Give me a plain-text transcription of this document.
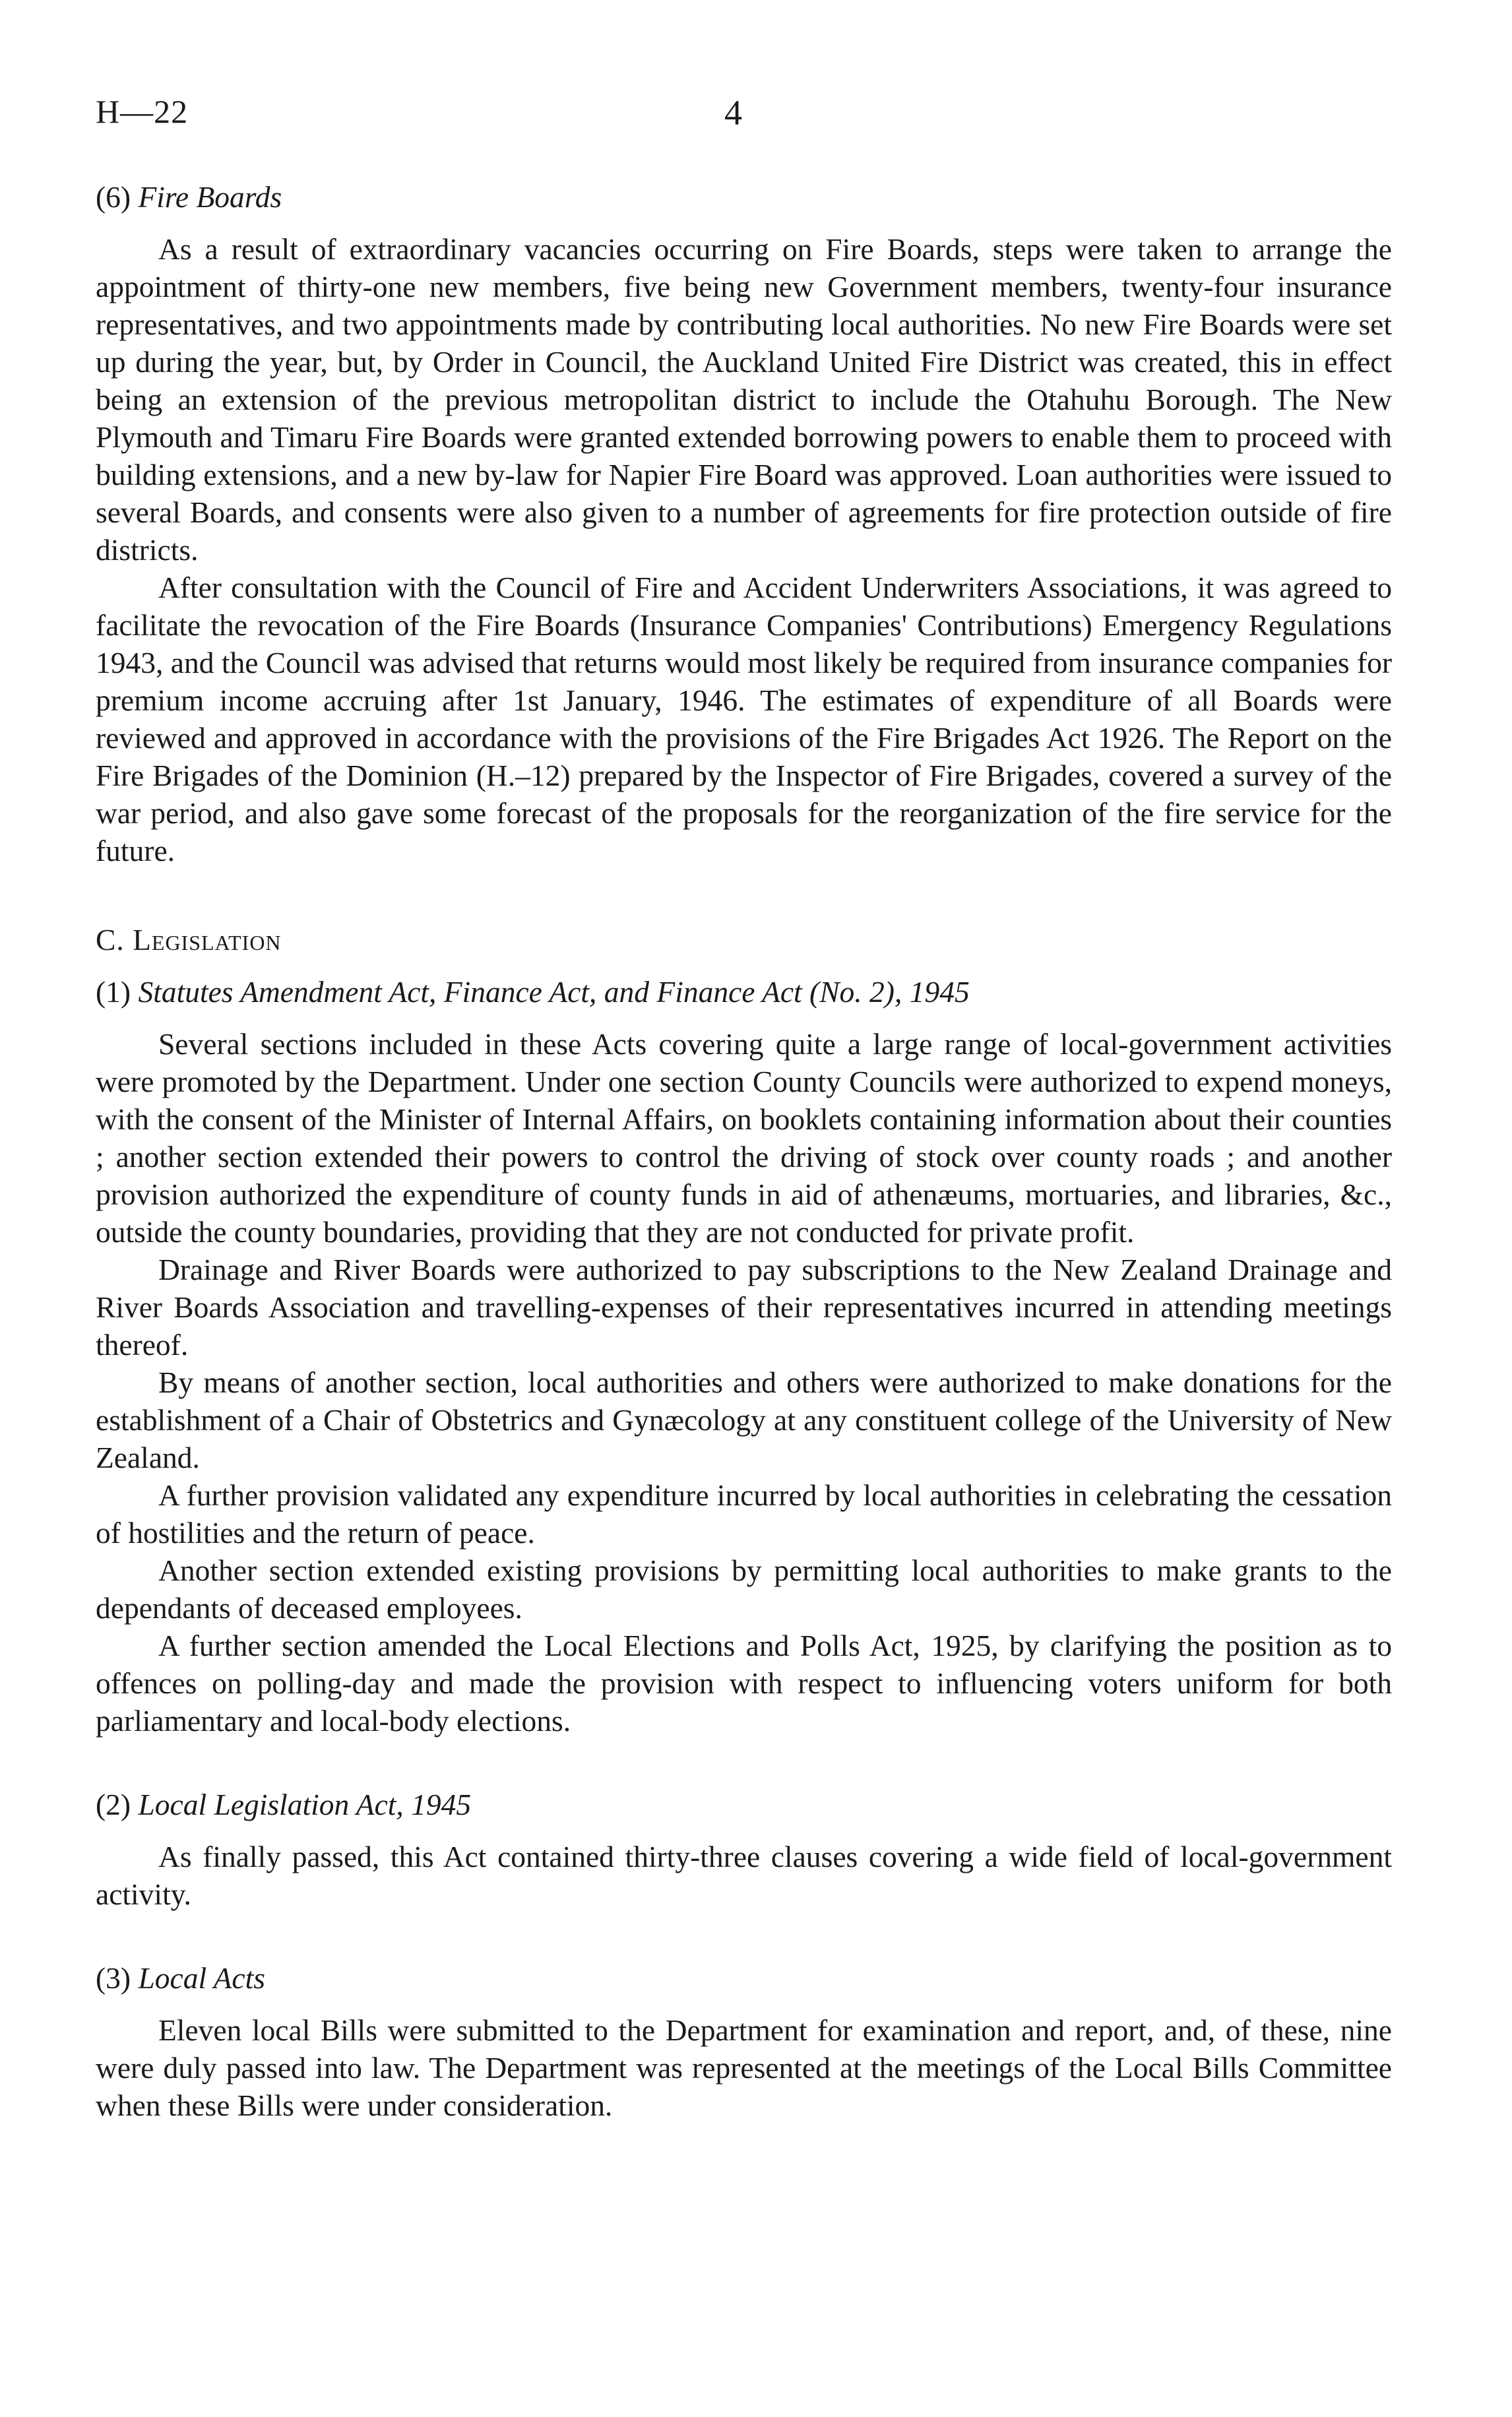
H—22	4
(6) Fire Boards

As a result of extraordinary vacancies occurring on Fire Boards, steps were taken to arrange the appointment of thirty-one new members, five being new Government members, twenty-four insurance representatives, and two appointments made by contributing local authorities. No new Fire Boards were set up during the year, but, by Order in Council, the Auckland United Fire District was created, this in effect being an extension of the previous metropolitan district to include the Otahuhu Borough. The New Plymouth and Timaru Fire Boards were granted extended borrowing powers to enable them to proceed with building extensions, and a new by-law for Napier Fire Board was approved. Loan authorities were issued to several Boards, and consents were also given to a number of agreements for fire protection outside of fire districts.

After consultation with the Council of Fire and Accident Underwriters Associations, it was agreed to facilitate the revocation of the Fire Boards (Insurance Companies' Contributions) Emergency Regulations 1943, and the Council was advised that returns would most likely be required from insurance companies for premium income accruing after 1st January, 1946. The estimates of expenditure of all Boards were reviewed and approved in accordance with the provisions of the Fire Brigades Act 1926. The Report on the Fire Brigades of the Dominion (H.–12) prepared by the Inspector of Fire Brigades, covered a survey of the war period, and also gave some forecast of the proposals for the reorganization of the fire service for the future.

C. Legislation
(1) Statutes Amendment Act, Finance Act, and Finance Act (No. 2), 1945

Several sections included in these Acts covering quite a large range of local-government activities were promoted by the Department. Under one section County Councils were authorized to expend moneys, with the consent of the Minister of Internal Affairs, on booklets containing information about their counties ; another section extended their powers to control the driving of stock over county roads ; and another provision authorized the expenditure of county funds in aid of athenæums, mortuaries, and libraries, &c., outside the county boundaries, providing that they are not conducted for private profit.

Drainage and River Boards were authorized to pay subscriptions to the New Zealand Drainage and River Boards Association and travelling-expenses of their representatives incurred in attending meetings thereof.

By means of another section, local authorities and others were authorized to make donations for the establishment of a Chair of Obstetrics and Gynæcology at any constituent college of the University of New Zealand.

A further provision validated any expenditure incurred by local authorities in celebrating the cessation of hostilities and the return of peace.

Another section extended existing provisions by permitting local authorities to make grants to the dependants of deceased employees.

A further section amended the Local Elections and Polls Act, 1925, by clarifying the position as to offences on polling-day and made the provision with respect to influencing voters uniform for both parliamentary and local-body elections.

(2) Local Legislation Act, 1945

As finally passed, this Act contained thirty-three clauses covering a wide field of local-government activity.

(3) Local Acts

Eleven local Bills were submitted to the Department for examination and report, and, of these, nine were duly passed into law. The Department was represented at the meetings of the Local Bills Committee when these Bills were under consideration.
